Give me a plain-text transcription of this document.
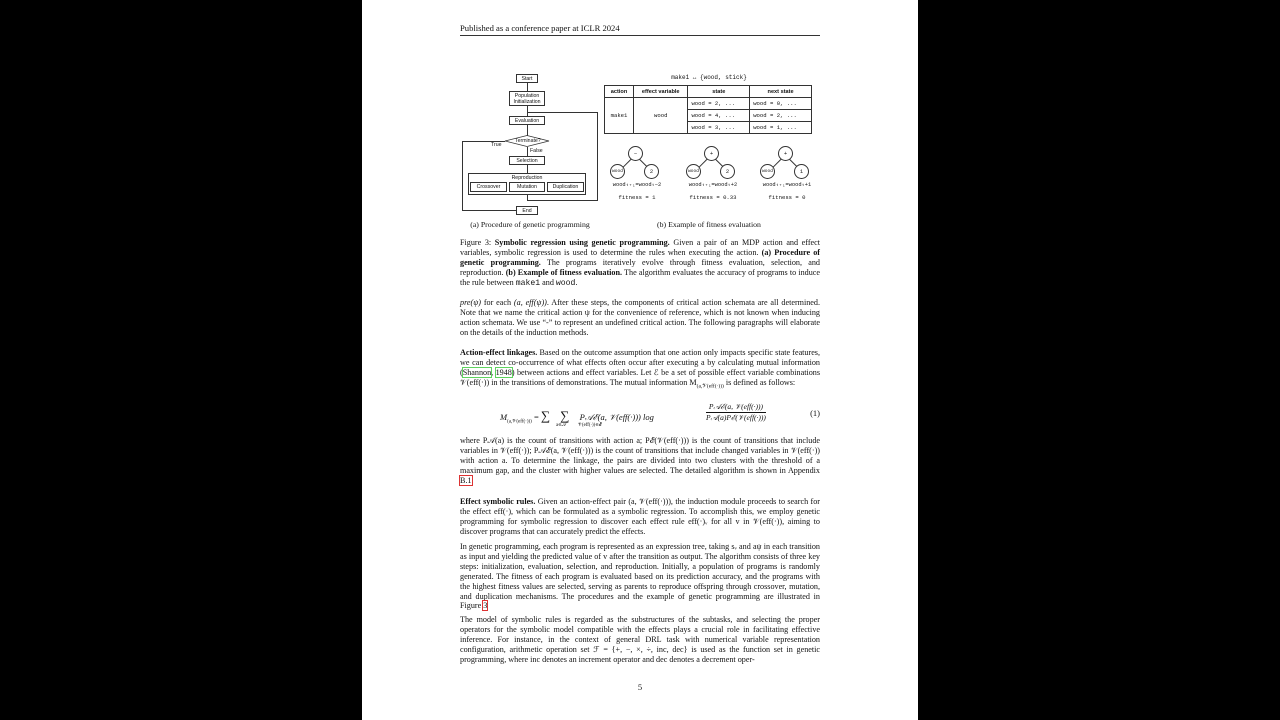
Published as a conference paper at ICLR 2024
Start
Population
Initialization
Evaluation
Terminate?
True
False
Selection
Reproduction
Crossover	Mutation	Duplication
End
(a) Procedure of genetic programming
make1 ↔ {wood, stick}
action	effect variable	state	next state
make1	wood	wood = 2, ...	wood = 0, ...
		wood = 4, ...	wood = 2, ...
		wood = 3, ...	wood = 1, ...
−
wood	2
woodₜ₊₁=woodₜ−2
fitness = 1
+
wood	2
woodₜ₊₁=woodₜ+2
fitness = 0.33
+
wood	1
woodₜ₊₁=woodₜ+1
fitness = 0
(b) Example of fitness evaluation

Figure 3: Symbolic regression using genetic programming. Given a pair of an MDP action and effect variables, symbolic regression is used to determine the rules when executing the action. (a) Procedure of genetic programming. The programs iteratively evolve through fitness evaluation, selection, and reproduction. (b) Example of fitness evaluation. The algorithm evaluates the accuracy of programs to induce the rule between make1 and wood.

pre(ψ) for each (a, eff(ψ)). After these steps, the components of critical action schemata are all determined. Note that we name the critical action ψ for the convenience of reference, which is not known when inducing action schemata. We use “-” to represent an undefined critical action. The following paragraphs will elaborate on the details of the induction methods.

Action-effect linkages. Based on the outcome assumption that one action only impacts specific state features, we can detect co-occurrence of what effects often occur after executing a by calculating mutual information (Shannon, 1948) between actions and effect variables. Let ℰ be a set of possible effect variable combinations 𝒱(eff(·)) in the transitions of demonstrations. The mutual information $M_{(a,𝒱(eff(\cdot)))}$ is defined as follows:

$M_{(a,𝒱(eff(\cdot)))}$ = ∑ ∑ P𝒜ℰ(a, 𝒱(eff(·))) log
a∈𝒜 𝒱(eff(·))∈ℰ
P𝒜ℰ(a, 𝒱(eff(·)))
P𝒜(a)Pℰ(𝒱(eff(·)))	(1)

where P𝒜(a) is the count of transitions with action a; Pℰ(𝒱(eff(·))) is the count of transitions that include variables in 𝒱(eff(·)); P𝒜ℰ(a, 𝒱(eff(·))) is the count of transitions that include changed variables in 𝒱(eff(·)) with action a. To determine the linkage, the pairs are divided into two clusters with the threshold of a maximum gap, and the cluster with higher values are selected. The detailed algorithm is shown in Appendix B.1

Effect symbolic rules. Given an action-effect pair (a, 𝒱(eff(·))), the induction module proceeds to search for the effect eff(·), which can be formulated as a symbolic regression. To accomplish this, we employ genetic programming for symbolic regression to discover each effect rule eff(·)ᵥ for all v in 𝒱(eff(·)), aiming to discover programs that can accurately predict the effects.

In genetic programming, each program is represented as an expression tree, taking sᵥ and aψ in each transition as input and yielding the predicted value of v after the transition as output. The algorithm consists of three key steps: initialization, evaluation, selection, and reproduction. Initially, a population of programs is randomly generated. The fitness of each program is evaluated based on its prediction accuracy, and the programs with the highest fitness values are selected, serving as parents to reproduce offspring through crossover, mutation, and duplication mechanisms. The procedures and the example of genetic programming are illustrated in Figure 3

The model of symbolic rules is regarded as the substructures of the subtasks, and selecting the proper operators for the symbolic model compatible with the effects plays a crucial role in facilitating effective inference. For instance, in the context of general DRL task with numerical variable representation configuration, arithmetic operation set ℱ = {+, −, ×, ÷, inc, dec} is used as the function set in genetic programming, where inc denotes an increment operator and dec denotes a decrement oper-

5
